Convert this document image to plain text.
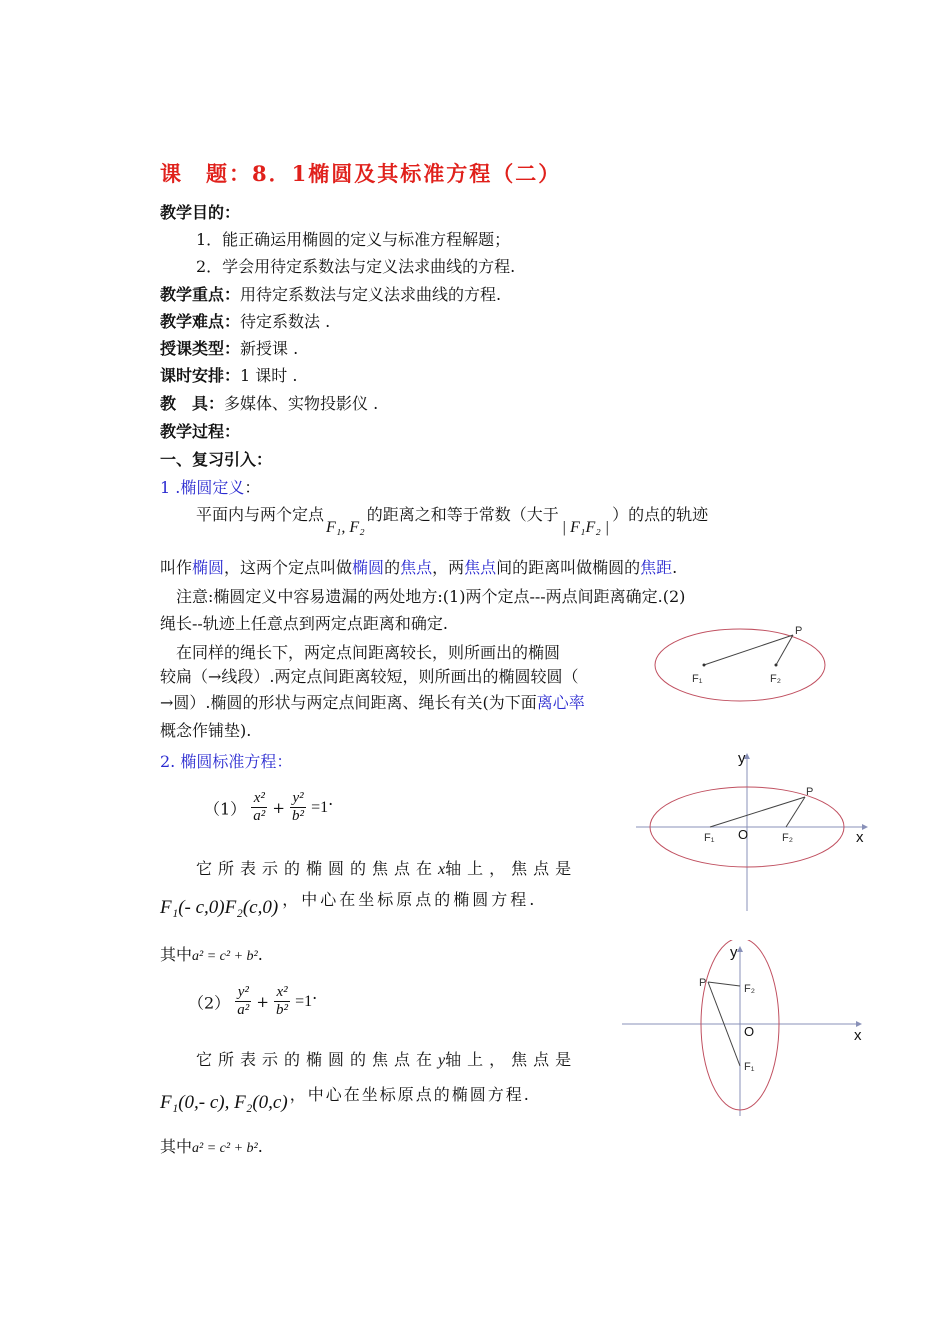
课　题：8．1椭圆及其标准方程（二）
教学目的：
1．能正确运用椭圆的定义与标准方程解题；
2．学会用待定系数法与定义法求曲线的方程.
教学重点：用待定系数法与定义法求曲线的方程.
教学难点：待定系数法 .
授课类型：新授课 .
课时安排：1 课时 .
教　具：多媒体、实物投影仪 .
教学过程：
一、复习引入：
1 .椭圆定义：
平面内与两个定点F₁, F₂的距离之和等于常数（大于| F₁F₂ |）的点的轨迹
叫作椭圆，这两个定点叫做椭圆的焦点，两焦点间的距离叫做椭圆的焦距.
注意:椭圆定义中容易遗漏的两处地方:(1)两个定点---两点间距离确定.(2)
绳长--轨迹上任意点到两定点距离和确定.
在同样的绳长下，两定点间距离较长，则所画出的椭圆
较扁（→线段）.两定点间距离较短，则所画出的椭圆较圆（
→圆）.椭圆的形状与两定点间距离、绳长有关(为下面离心率
概念作铺垫).
P
F₁	F₂
2. 椭圆标准方程：
$(1) \frac{\text{x²}}{\text{a²}} + \frac{\text{y²}}{\text{b²}} =1$.
它所表示的椭圆的焦点在x轴上，焦点是
F₁(- c,0)F₂(c,0) ，中心在坐标原点的椭圆方程.
其中a² = c² + b².
$(2) \frac{\text{y²}}{\text{a²}} + \frac{\text{x²}}{\text{b²}} =1$.
它所表示的椭圆的焦点在y轴上，焦点是
F₁(0,- c), F₂(0,c) ，中心在坐标原点的椭圆方程.
其中a² = c² + b².
y
x
O
P
F₁	F₂
y
x
O
P	F₂
F₁
